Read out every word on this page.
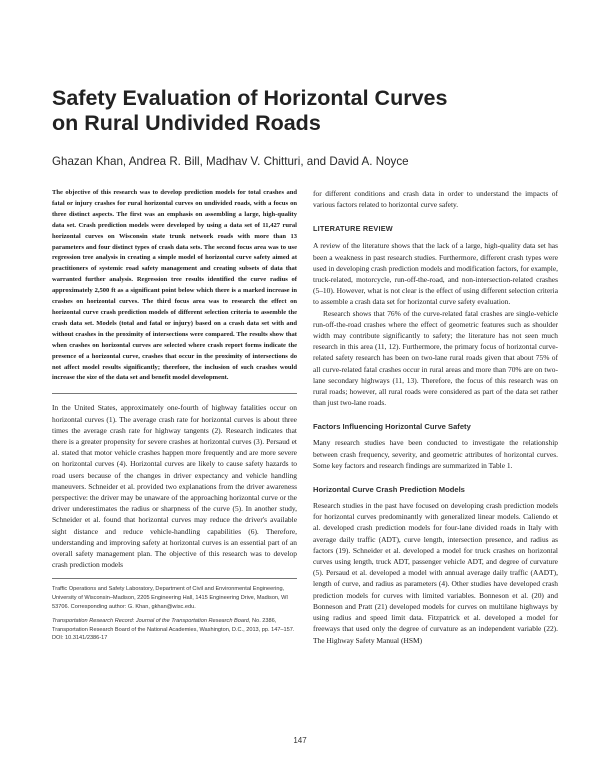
Safety Evaluation of Horizontal Curves
on Rural Undivided Roads

Ghazan Khan, Andrea R. Bill, Madhav V. Chitturi, and David A. Noyce

The objective of this research was to develop prediction models for total crashes and fatal or injury crashes for rural horizontal curves on undivided roads, with a focus on three distinct aspects. The first was an emphasis on assembling a large, high-quality data set. Crash prediction models were developed by using a data set of 11,427 rural horizontal curves on Wisconsin state trunk network roads with more than 13 parameters and four distinct types of crash data sets. The second focus area was to use regression tree analysis in creating a simple model of horizontal curve safety aimed at practitioners of systemic road safety management and creating subsets of data that warranted further analysis. Regression tree results identified the curve radius of approximately 2,500 ft as a significant point below which there is a marked increase in crashes on horizontal curves. The third focus area was to research the effect on horizontal curve crash prediction models of different selection criteria to assemble the crash data set. Models (total and fatal or injury) based on a crash data set with and without crashes in the proximity of intersections were compared. The results show that when crashes on horizontal curves are selected where crash report forms indicate the presence of a horizontal curve, crashes that occur in the proximity of intersections do not affect model results significantly; therefore, the inclusion of such crashes would increase the size of the data set and benefit model development.

In the United States, approximately one-fourth of highway fatalities occur on horizontal curves (1). The average crash rate for horizontal curves is about three times the average crash rate for highway tangents (2). Research indicates that there is a greater propensity for severe crashes at horizontal curves (3). Persaud et al. stated that motor vehicle crashes happen more frequently and are more severe on horizontal curves (4). Horizontal curves are likely to cause safety hazards to road users because of the changes in driver expectancy and vehicle handling maneuvers. Schneider et al. provided two explanations from the driver awareness perspective: the driver may be unaware of the approaching horizontal curve or the driver underestimates the radius or sharpness of the curve (5). In another study, Schneider et al. found that horizontal curves may reduce the driver's available sight distance and reduce vehicle-handling capabilities (6). Therefore, understanding and improving safety at horizontal curves is an essential part of an overall safety management plan. The objective of this research was to develop crash prediction models

Traffic Operations and Safety Laboratory, Department of Civil and Environmental Engineering, University of Wisconsin–Madison, 2205 Engineering Hall, 1415 Engineering Drive, Madison, WI 53706. Corresponding author: G. Khan, gkhan@wisc.edu.

Transportation Research Record: Journal of the Transportation Research Board, No. 2386, Transportation Research Board of the National Academies, Washington, D.C., 2013, pp. 147–157.

DOI: 10.3141/2386-17

for different conditions and crash data in order to understand the impacts of various factors related to horizontal curve safety.

LITERATURE REVIEW

A review of the literature shows that the lack of a large, high-quality data set has been a weakness in past research studies. Furthermore, different crash types were used in developing crash prediction models and modification factors, for example, truck-related, motorcycle, run-off-the-road, and non-intersection-related crashes (5–10). However, what is not clear is the effect of using different selection criteria to assemble a crash data set for horizontal curve safety evaluation.

Research shows that 76% of the curve-related fatal crashes are single-vehicle run-off-the-road crashes where the effect of geometric features such as shoulder width may contribute significantly to safety; the literature has not seen much research in this area (11, 12). Furthermore, the primary focus of horizontal curve-related safety research has been on two-lane rural roads given that about 75% of all curve-related fatal crashes occur in rural areas and more than 70% are on two-lane secondary highways (11, 13). Therefore, the focus of this research was on rural roads; however, all rural roads were considered as part of the data set rather than just two-lane roads.

Factors Influencing Horizontal Curve Safety

Many research studies have been conducted to investigate the relationship between crash frequency, severity, and geometric attributes of horizontal curves. Some key factors and research findings are summarized in Table 1.

Horizontal Curve Crash Prediction Models

Research studies in the past have focused on developing crash prediction models for horizontal curves predominantly with generalized linear models. Caliendo et al. developed crash prediction models for four-lane divided roads in Italy with average daily traffic (ADT), curve length, intersection presence, and radius as factors (19). Schneider et al. developed a model for truck crashes on horizontal curves using length, truck ADT, passenger vehicle ADT, and degree of curvature (5). Persaud et al. developed a model with annual average daily traffic (AADT), length of curve, and radius as parameters (4). Other studies have developed crash prediction models for curves with limited variables. Bonneson et al. (20) and Bonneson and Pratt (21) developed models for curves on multilane highways by using radius and speed limit data. Fitzpatrick et al. developed a model for freeways that used only the degree of curvature as an independent variable (22). The Highway Safety Manual (HSM)

147
